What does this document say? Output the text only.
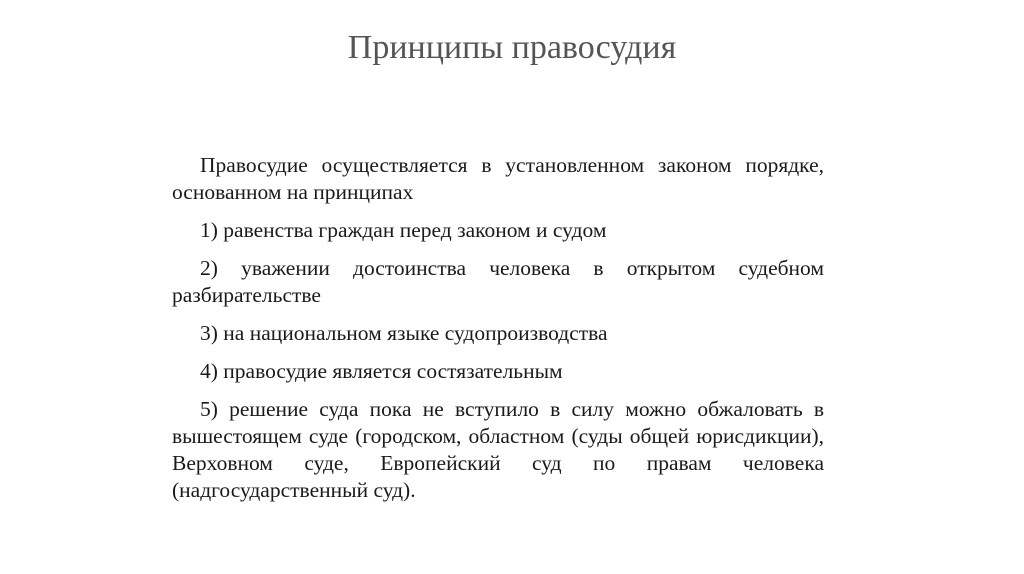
Принципы правосудия

Правосудие осуществляется в установленном законом порядке, основанном на принципах

1) равенства граждан перед законом и судом

2) уважении достоинства человека в открытом судебном разбирательстве

3) на национальном языке судопроизводства

4) правосудие является состязательным

5) решение суда пока не вступило в силу можно обжаловать в вышестоящем суде (городском, областном (суды общей юрисдикции), Верховном суде, Европейский суд по правам человека (надгосударственный суд).
